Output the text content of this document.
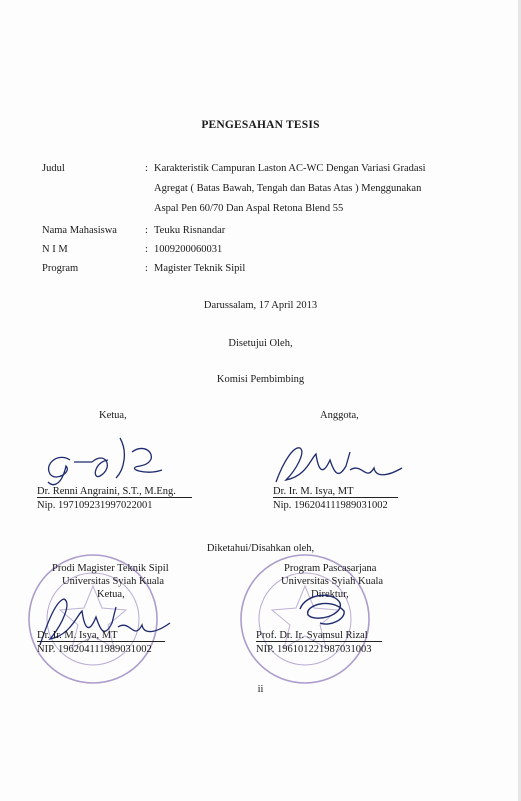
PENGESAHAN TESIS
Judul	: Karakteristik Campuran Laston AC-WC Dengan Variasi Gradasi
Agregat ( Batas Bawah, Tengah dan Batas Atas ) Menggunakan
Aspal Pen 60/70 Dan Aspal Retona Blend 55
Nama Mahasiswa	: Teuku Risnandar
N I M	: 1009200060031
Program	: Magister Teknik Sipil
Darussalam, 17 April 2013
Disetujui Oleh,
Komisi Pembimbing
Ketua,	Anggota,
Dr. Renni Angraini, S.T., M.Eng.
Nip. 197109231997022001
Dr. Ir. M. Isya, MT
Nip. 196204111989031002
Diketahui/Disahkan oleh,
Prodi Magister Teknik Sipil
Universitas Syiah Kuala
Ketua,
Program Pascasarjana
Universitas Syiah Kuala
Direktur,
Dr. Ir. M. Isya, MT
NIP. 196204111989031002
Prof. Dr. Ir. Syamsul Rizal
NIP. 196101221987031003
ii
